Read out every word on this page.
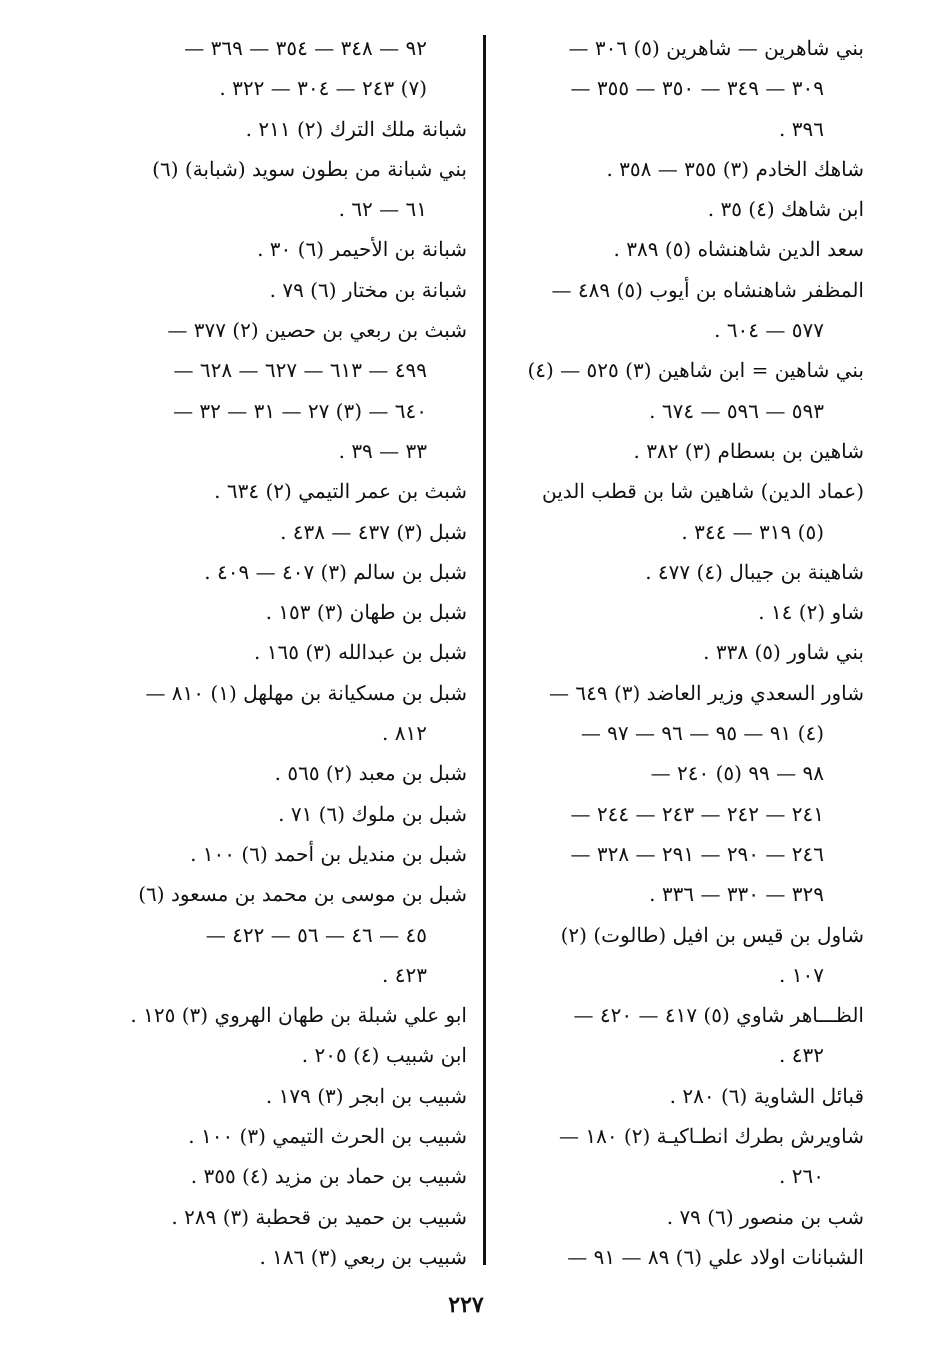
بني شاهرين — شاهرين (٥) ٣٠٦ —
٣٠٩ — ٣٤٩ — ٣٥٠ — ٣٥٥ —
٣٩٦ .
شاهك الخادم (٣) ٣٥٥ — ٣٥٨ .
ابن شاهك (٤) ٣٥ .
سعد الدين شاهنشاه (٥) ٣٨٩ .
المظفر شاهنشاه بن أيوب (٥) ٤٨٩ —
٥٧٧ — ٦٠٤ .
بني شاهين = ابن شاهين (٣) ٥٢٥ — (٤)
٥٩٣ — ٥٩٦ — ٦٧٤ .
شاهين بن بسطام (٣) ٣٨٢ .
(عماد الدين) شاهين شا بن قطب الدين
(٥) ٣١٩ — ٣٤٤ .
شاهينة بن جيبال (٤) ٤٧٧ .
شاو (٢) ١٤ .
بني شاور (٥) ٣٣٨ .
شاور السعدي وزير العاضد (٣) ٦٤٩ —
(٤) ٩١ — ٩٥ — ٩٦ — ٩٧ —
٩٨ — ٩٩ (٥) ٢٤٠ —
٢٤١ — ٢٤٢ — ٢٤٣ — ٢٤٤ —
٢٤٦ — ٢٩٠ — ٢٩١ — ٣٢٨ —
٣٢٩ — ٣٣٠ — ٣٣٦ .
شاول بن قيس بن افيل (طالوت) (٢)
١٠٧ .
الظـــاهر شاوي (٥) ٤١٧ — ٤٢٠ —
٤٣٢ .
قبائل الشاوية (٦) ٢٨٠ .
شاويرش بطرك انطـاكيـة (٢) ١٨٠ —
٢٦٠ .
شب بن منصور (٦) ٧٩ .
الشبانات اولاد علي (٦) ٨٩ — ٩١ —
٩٢ — ٣٤٨ — ٣٥٤ — ٣٦٩ —
(٧) ٢٤٣ — ٣٠٤ — ٣٢٢ .
شبانة ملك الترك (٢) ٢١١ .
بني شبانة من بطون سويد (شبابة) (٦)
٦١ — ٦٢ .
شبانة بن الأحيمر (٦) ٣٠ .
شبانة بن مختار (٦) ٧٩ .
شبث بن ربعي بن حصين (٢) ٣٧٧ —
٤٩٩ — ٦١٣ — ٦٢٧ — ٦٢٨ —
٦٤٠ — (٣) ٢٧ — ٣١ — ٣٢ —
٣٣ — ٣٩ .
شبث بن عمر التيمي (٢) ٦٣٤ .
شبل (٣) ٤٣٧ — ٤٣٨ .
شبل بن سالم (٣) ٤٠٧ — ٤٠٩ .
شبل بن طهان (٣) ١٥٣ .
شبل بن عبدالله (٣) ١٦٥ .
شبل بن مسكيانة بن مهلهل (١) ٨١٠ —
٨١٢ .
شبل بن معبد (٢) ٥٦٥ .
شبل بن ملوك (٦) ٧١ .
شبل بن منديل بن أحمد (٦) ١٠٠ .
شبل بن موسى بن محمد بن مسعود (٦)
٤٥ — ٤٦ — ٥٦ — ٤٢٢ —
٤٢٣ .
ابو علي شبلة بن طهان الهروي (٣) ١٢٥ .
ابن شبيب (٤) ٢٠٥ .
شبيب بن ابجر (٣) ١٧٩ .
شبيب بن الحرث التيمي (٣) ١٠٠ .
شبيب بن حماد بن مزيد (٤) ٣٥٥ .
شبيب بن حميد بن قحطبة (٣) ٢٨٩ .
شبيب بن ربعي (٣) ١٨٦ .
٢٢٧
